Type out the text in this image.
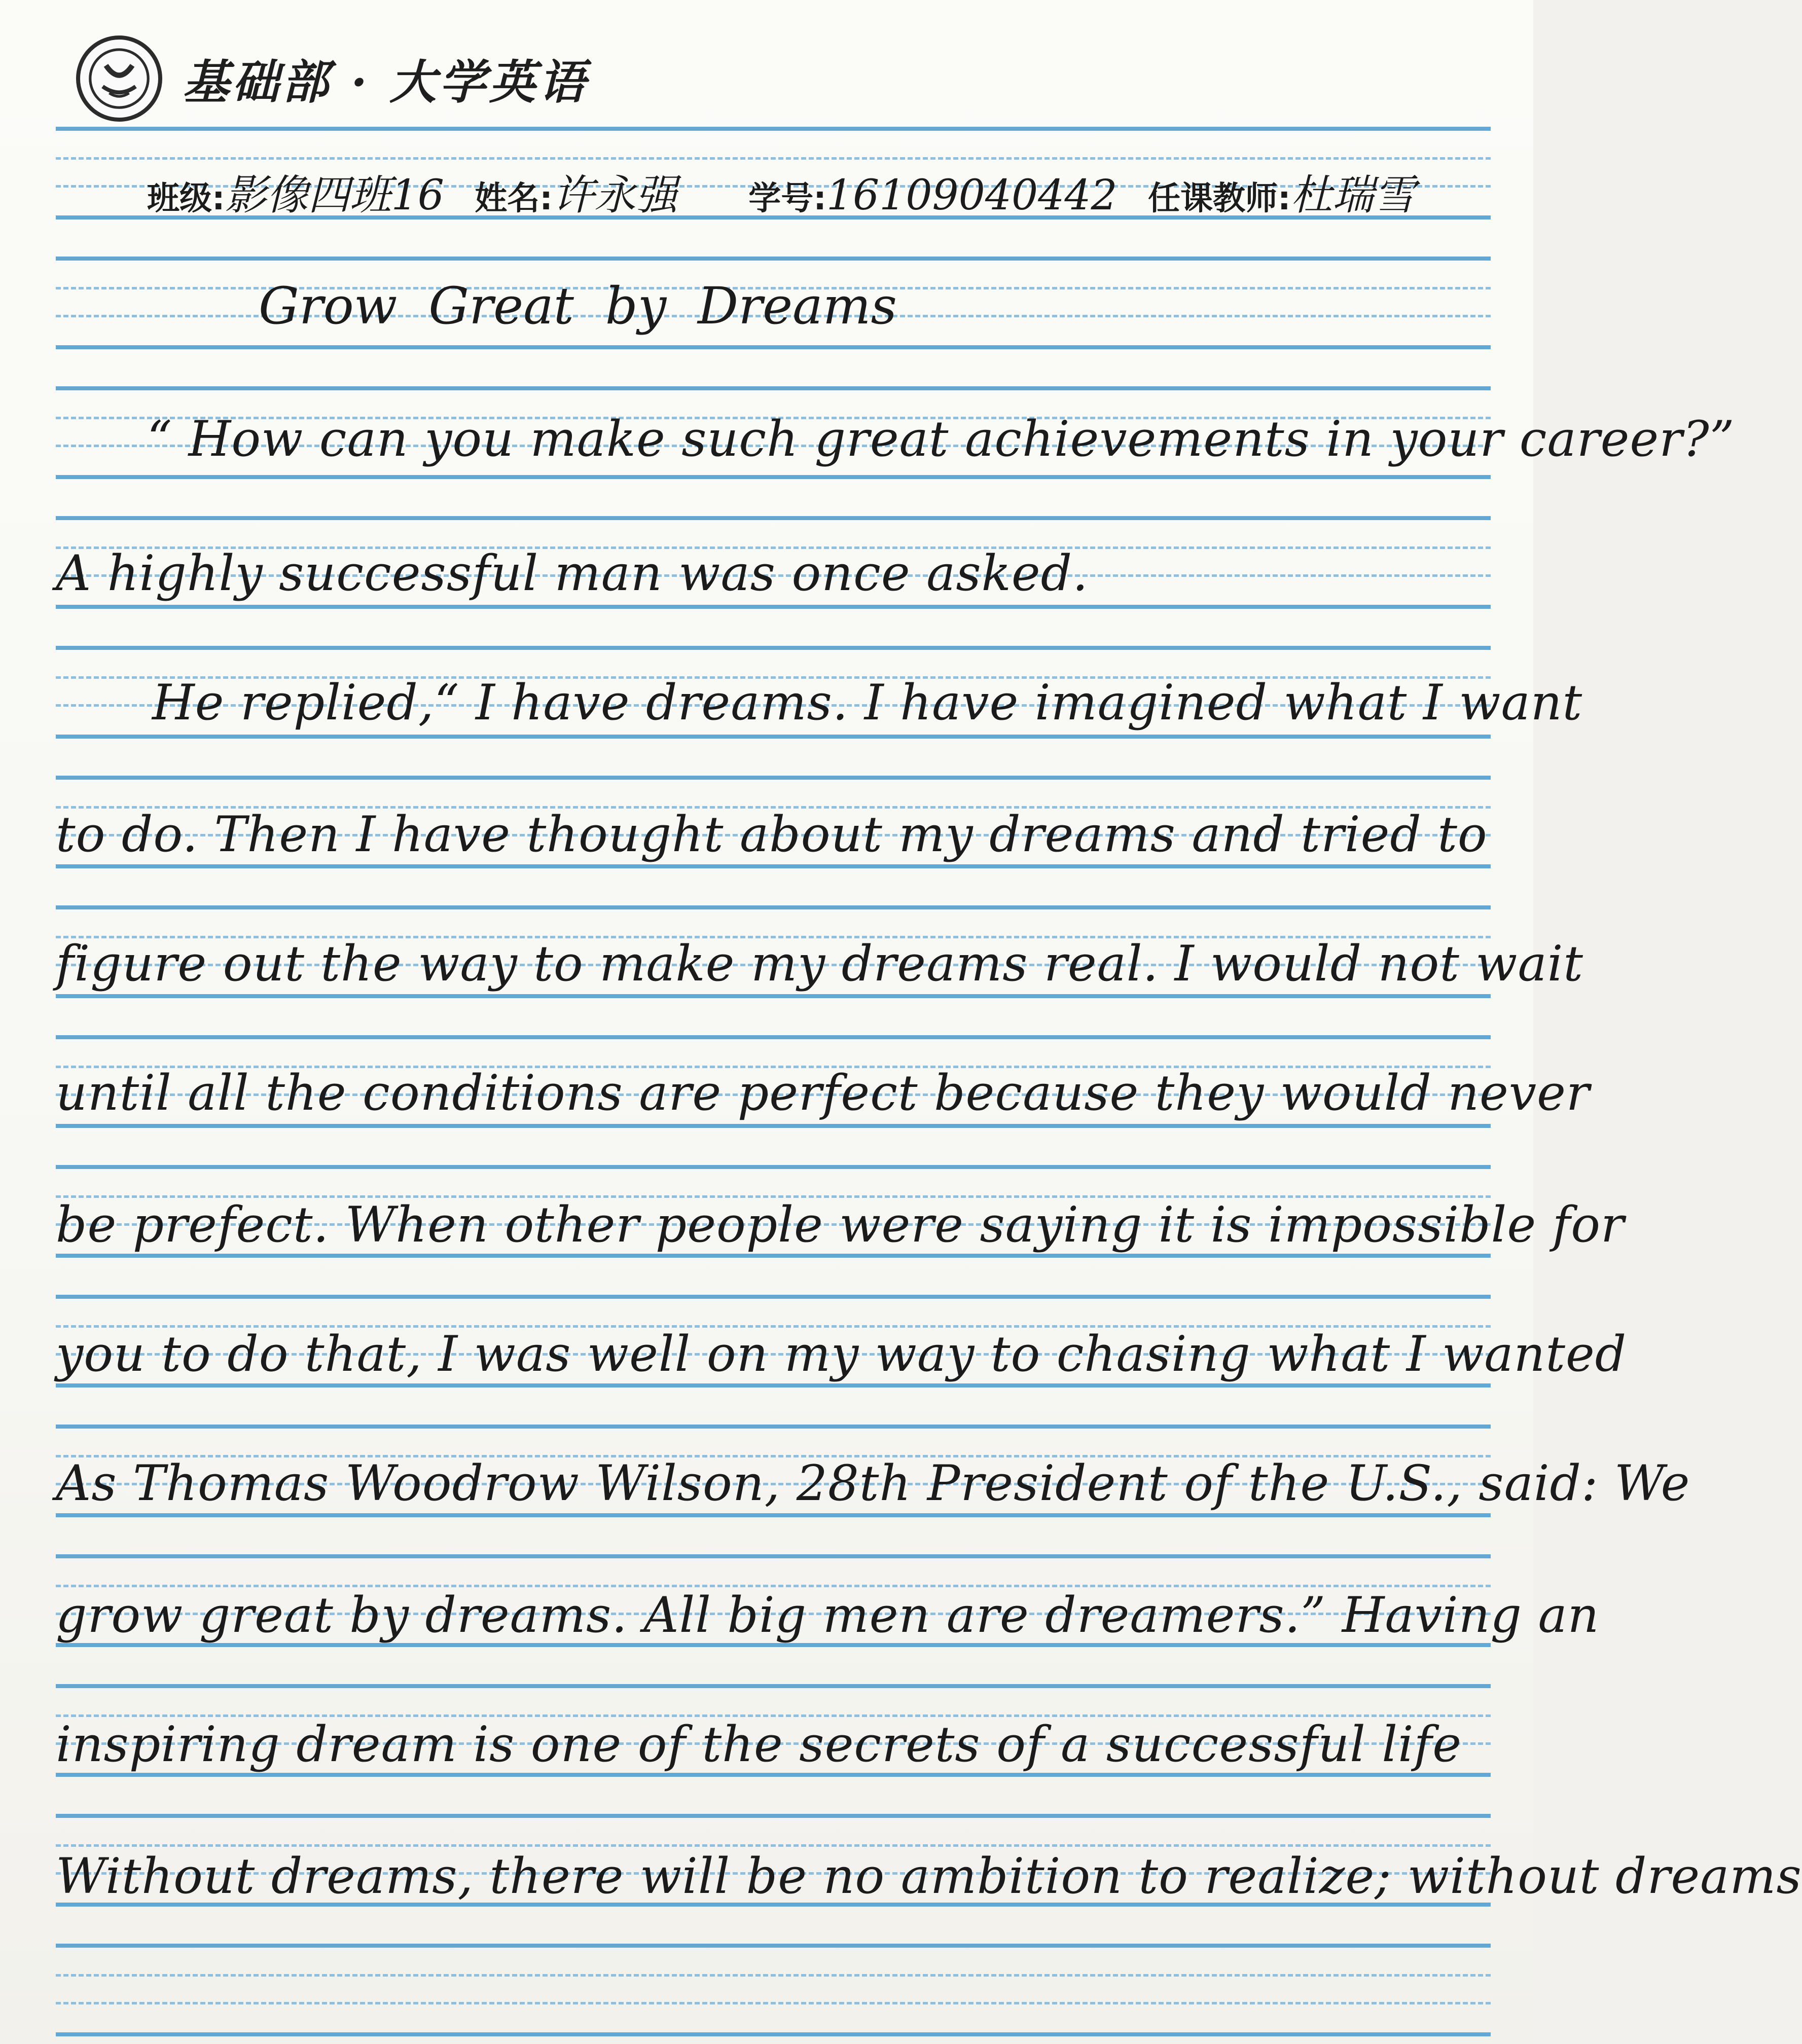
基础部 · 大学英语
班级:影像四班16 姓名:许永强 学号:16109040442 任课教师:杜瑞雪
Grow Great by Dreams
“ How can you make such great achievements in your career?”
A highly successful man was once asked.
He replied,“ I have dreams. I have imagined what I want
to do. Then I have thought about my dreams and tried to
figure out the way to make my dreams real. I would not wait
until all the conditions are perfect because they would never
be prefect. When other people were saying it is impossible for
you to do that, I was well on my way to chasing what I wanted
As Thomas Woodrow Wilson, 28th President of the U.S., said: We
grow great by dreams. All big men are dreamers.” Having an
inspiring dream is one of the secrets of a successful life
Without dreams, there will be no ambition to realize; without dreams
